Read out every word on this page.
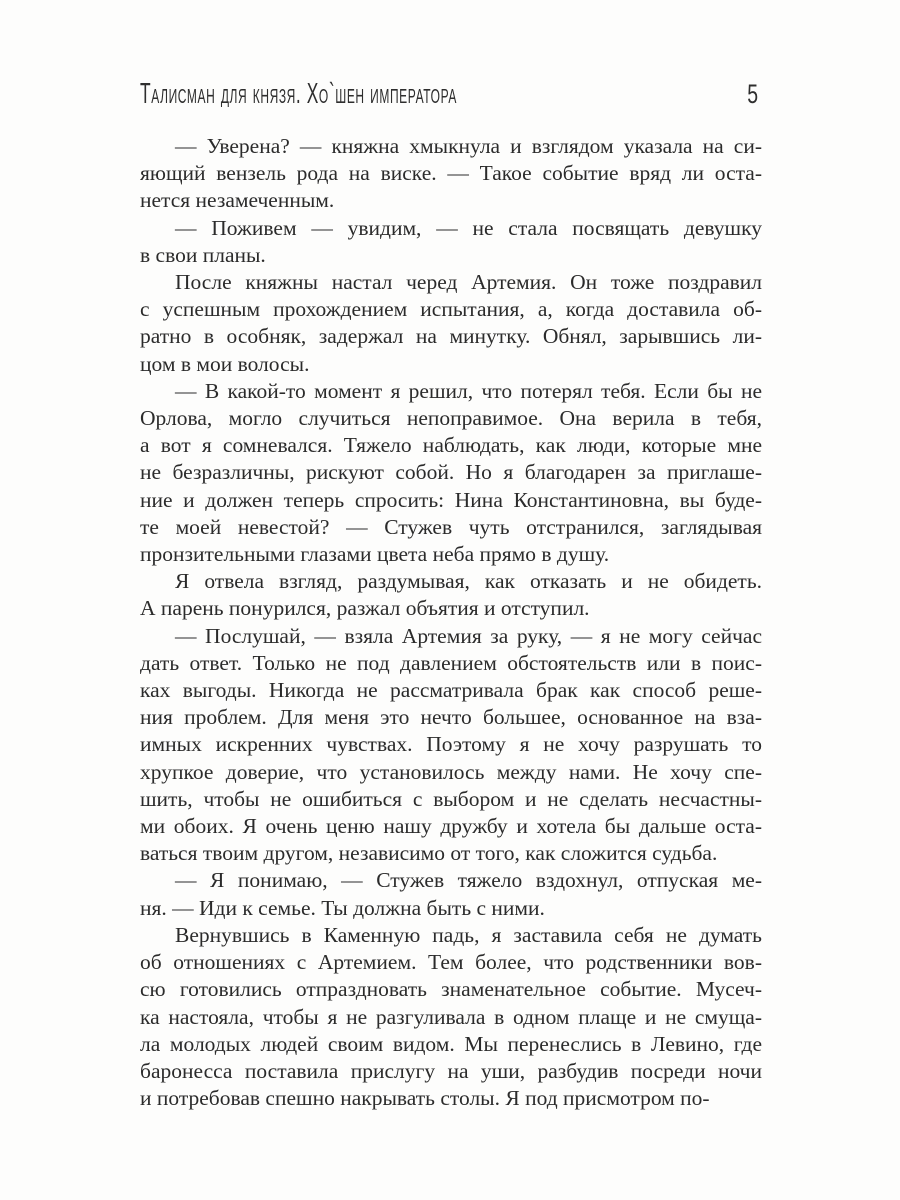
Талисман для князя. Хо`шен императора	5
— Уверена? — княжна хмыкнула и взглядом указала на си-
яющий вензель рода на виске. — Такое событие вряд ли оста-
нется незамеченным.
— Поживем — увидим, — не стала посвящать девушку
в свои планы.
После княжны настал черед Артемия. Он тоже поздравил
с успешным прохождением испытания, а, когда доставила об-
ратно в особняк, задержал на минутку. Обнял, зарывшись ли-
цом в мои волосы.
— В какой-то момент я решил, что потерял тебя. Если бы не
Орлова, могло случиться непоправимое. Она верила в тебя,
а вот я сомневался. Тяжело наблюдать, как люди, которые мне
не безразличны, рискуют собой. Но я благодарен за приглаше-
ние и должен теперь спросить: Нина Константиновна, вы буде-
те моей невестой? — Стужев чуть отстранился, заглядывая
пронзительными глазами цвета неба прямо в душу.
Я отвела взгляд, раздумывая, как отказать и не обидеть.
А парень понурился, разжал объятия и отступил.
— Послушай, — взяла Артемия за руку, — я не могу сейчас
дать ответ. Только не под давлением обстоятельств или в поис-
ках выгоды. Никогда не рассматривала брак как способ реше-
ния проблем. Для меня это нечто большее, основанное на вза-
имных искренних чувствах. Поэтому я не хочу разрушать то
хрупкое доверие, что установилось между нами. Не хочу спе-
шить, чтобы не ошибиться с выбором и не сделать несчастны-
ми обоих. Я очень ценю нашу дружбу и хотела бы дальше оста-
ваться твоим другом, независимо от того, как сложится судьба.
— Я понимаю, — Стужев тяжело вздохнул, отпуская ме-
ня. — Иди к семье. Ты должна быть с ними.
Вернувшись в Каменную падь, я заставила себя не думать
об отношениях с Артемием. Тем более, что родственники вов-
сю готовились отпраздновать знаменательное событие. Мусеч-
ка настояла, чтобы я не разгуливала в одном плаще и не смуща-
ла молодых людей своим видом. Мы перенеслись в Левино, где
баронесса поставила прислугу на уши, разбудив посреди ночи
и потребовав спешно накрывать столы. Я под присмотром по-
